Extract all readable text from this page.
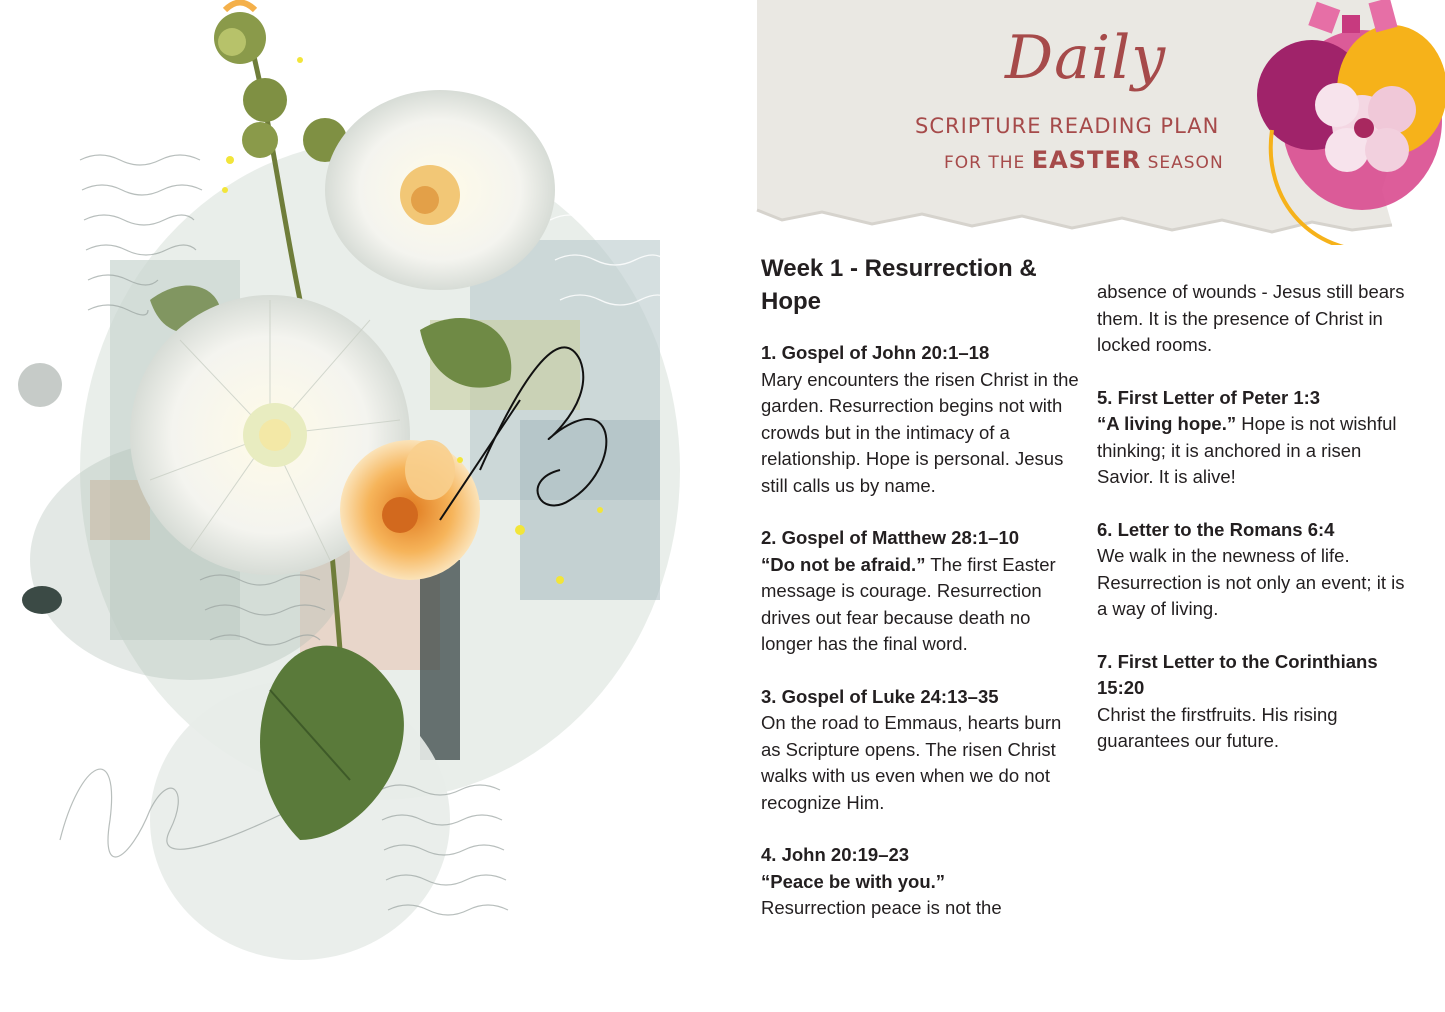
Daily
SCRIPTURE READING PLAN
FOR THE EASTER SEASON
Week 1 - Resurrection & Hope
1. Gospel of John 20:1–18
Mary encounters the risen Christ in the garden. Resurrection begins not with crowds but in the intimacy of a relationship. Hope is personal. Jesus still calls us by name.
2. Gospel of Matthew 28:1–10
“Do not be afraid.” The first Easter message is courage. Resurrection drives out fear because death no longer has the final word.
3. Gospel of Luke 24:13–35
On the road to Emmaus, hearts burn as Scripture opens. The risen Christ walks with us even when we do not recognize Him.
4. John 20:19–23
“Peace be with you.”
Resurrection peace is not the
absence of wounds - Jesus still bears them. It is the presence of Christ in locked rooms.
5. First Letter of Peter 1:3
“A living hope.” Hope is not wishful thinking; it is anchored in a risen Savior. It is alive!
6. Letter to the Romans 6:4
We walk in the newness of life. Resurrection is not only an event; it is a way of living.
7. First Letter to the Corinthians 15:20
Christ the firstfruits. His rising guarantees our future.
